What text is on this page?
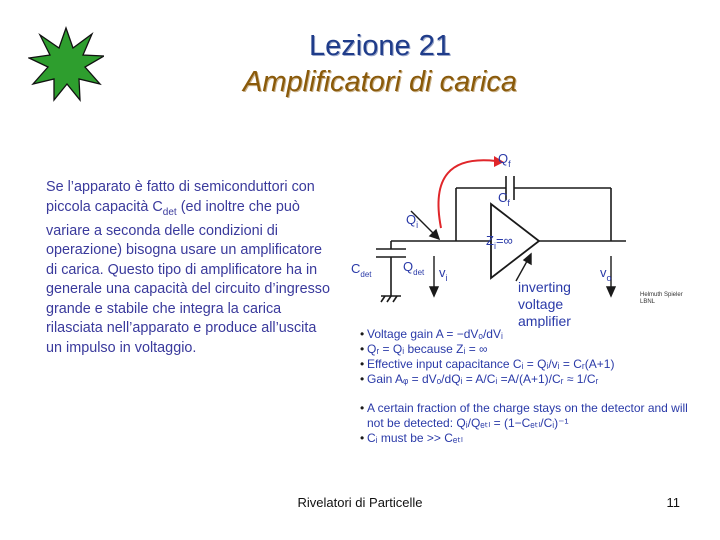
Lezione 21
Amplificatori di carica
Se l’apparato è fatto di semiconduttori con piccola capacità $C_{det}$ (ed inoltre che può variare a seconda delle condizioni di operazione) bisogna usare un amplificatore di carica. Questo tipo di amplificatore ha in generale una capacità del circuito d’ingresso grande e stabile che integra la carica rilasciata nell’apparato e produce all’uscita un impulso in voltaggio.
$Q_f$
$C_f$
$Q_i$
$Z_i=\infty$
$C_{det}$
$Q_{det}$ $v_i$	$v_o$
inverting
voltage
amplifier
Helmuth Spieler
LBNL
• Voltage gain A = −dVₒ/dVᵢ
• Qᵣ = Qᵢ because Zᵢ = ∞
• Effective input capacitance Cᵢ = Qᵢ/vᵢ = Cᵣ(A+1)
• Gain Aᵩ = dVₒ/dQᵢ = A/Cᵢ =A/(A+1)/Cᵣ ≈ 1/Cᵣ
• A certain fraction of the charge stays on the detector and will not be detected: Qᵢ/Qₑₜₗ = (1−Cₑₜₗ/Cᵢ)⁻¹
• Cᵢ must be >> Cₑₜₗ
Rivelatori di Particelle	11
